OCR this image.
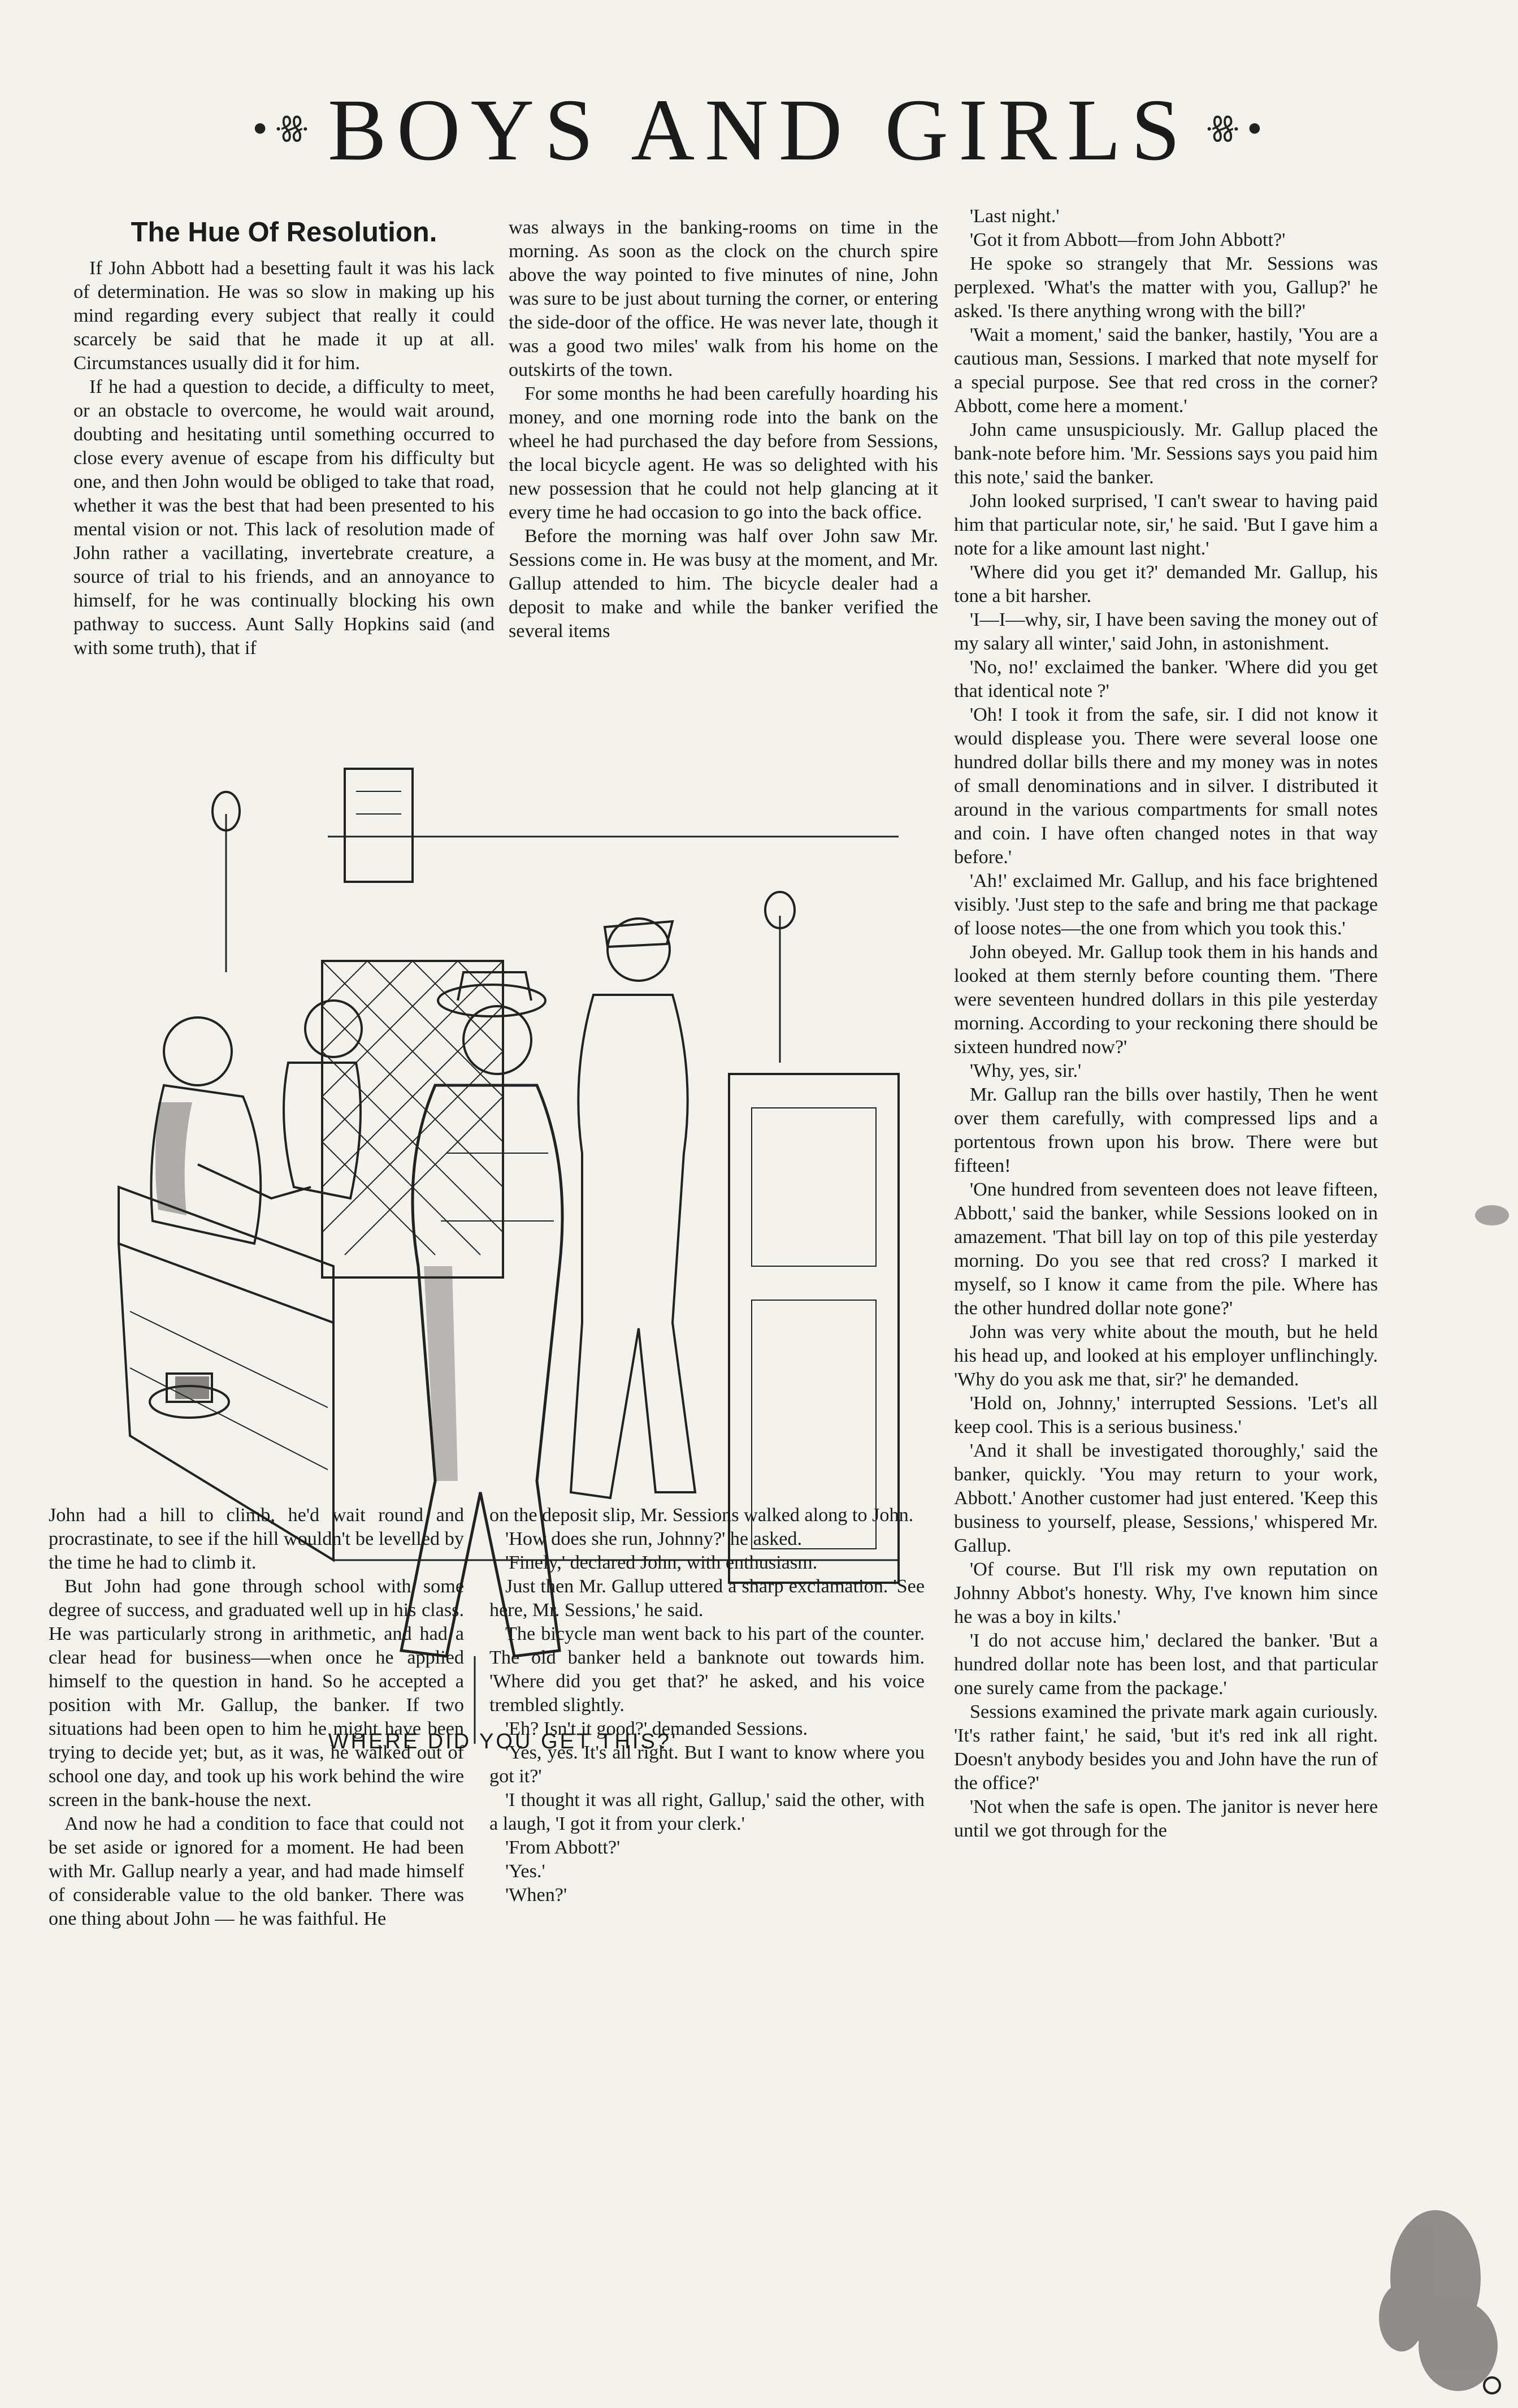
•ꗥ BOYS AND GIRLS ꗥ•

The Hue Of Resolution.

If John Abbott had a besetting fault it was his lack of determination. He was so slow in making up his mind regarding every subject that really it could scarcely be said that he made it up at all. Circumstances usually did it for him.

If he had a question to decide, a difficulty to meet, or an obstacle to overcome, he would wait around, doubting and hesitating until something occurred to close every avenue of escape from his difficulty but one, and then John would be obliged to take that road, whether it was the best that had been presented to his mental vision or not. This lack of resolution made of John rather a vacillating, invertebrate creature, a source of trial to his friends, and an annoyance to himself, for he was continually blocking his own pathway to success. Aunt Sally Hopkins said (and with some truth), that if

was always in the banking-rooms on time in the morning. As soon as the clock on the church spire above the way pointed to five minutes of nine, John was sure to be just about turning the corner, or entering the side-door of the office. He was never late, though it was a good two miles' walk from his home on the outskirts of the town.

For some months he had been carefully hoarding his money, and one morning rode into the bank on the wheel he had purchased the day before from Sessions, the local bicycle agent. He was so delighted with his new possession that he could not help glancing at it every time he had occasion to go into the back office.

Before the morning was half over John saw Mr. Sessions come in. He was busy at the moment, and Mr. Gallup attended to him. The bicycle dealer had a deposit to make and while the banker verified the several items

WHERE DID YOU GET THIS?'

'Last night.'

'Got it from Abbott—from John Abbott?'

He spoke so strangely that Mr. Sessions was perplexed. 'What's the matter with you, Gallup?' he asked. 'Is there anything wrong with the bill?'

'Wait a moment,' said the banker, hastily, 'You are a cautious man, Sessions. I marked that note myself for a special purpose. See that red cross in the corner? Abbott, come here a moment.'

John came unsuspiciously. Mr. Gallup placed the bank-note before him. 'Mr. Sessions says you paid him this note,' said the banker.

John looked surprised, 'I can't swear to having paid him that particular note, sir,' he said. 'But I gave him a note for a like amount last night.'

'Where did you get it?' demanded Mr. Gallup, his tone a bit harsher.

'I—I—why, sir, I have been saving the money out of my salary all winter,' said John, in astonishment.

'No, no!' exclaimed the banker. 'Where did you get that identical note ?'

'Oh! I took it from the safe, sir. I did not know it would displease you. There were several loose one hundred dollar bills there and my money was in notes of small denominations and in silver. I distributed it around in the various compartments for small notes and coin. I have often changed notes in that way before.'

'Ah!' exclaimed Mr. Gallup, and his face brightened visibly. 'Just step to the safe and bring me that package of loose notes—the one from which you took this.'

John obeyed. Mr. Gallup took them in his hands and looked at them sternly before counting them. 'There were seventeen hundred dollars in this pile yesterday morning. According to your reckoning there should be sixteen hundred now?'

'Why, yes, sir.'

Mr. Gallup ran the bills over hastily, Then he went over them carefully, with compressed lips and a portentous frown upon his brow. There were but fifteen!

'One hundred from seventeen does not leave fifteen, Abbott,' said the banker, while Sessions looked on in amazement. 'That bill lay on top of this pile yesterday morning. Do you see that red cross? I marked it myself, so I know it came from the pile. Where has the other hundred dollar note gone?'

John was very white about the mouth, but he held his head up, and looked at his employer unflinchingly. 'Why do you ask me that, sir?' he demanded.

'Hold on, Johnny,' interrupted Sessions. 'Let's all keep cool. This is a serious business.'

'And it shall be investigated thoroughly,' said the banker, quickly. 'You may return to your work, Abbott.' Another customer had just entered. 'Keep this business to yourself, please, Sessions,' whispered Mr. Gallup.

'Of course. But I'll risk my own reputation on Johnny Abbot's honesty. Why, I've known him since he was a boy in kilts.'

'I do not accuse him,' declared the banker. 'But a hundred dollar note has been lost, and that particular one surely came from the package.'

Sessions examined the private mark again curiously. 'It's rather faint,' he said, 'but it's red ink all right. Doesn't anybody besides you and John have the run of the office?'

'Not when the safe is open. The janitor is never here until we got through for the

John had a hill to climb, he'd wait round and procrastinate, to see if the hill wouldn't be levelled by the time he had to climb it.

But John had gone through school with some degree of success, and graduated well up in his class. He was particularly strong in arithmetic, and had a clear head for business—when once he applied himself to the question in hand. So he accepted a position with Mr. Gallup, the banker. If two situations had been open to him he might have been trying to decide yet; but, as it was, he walked out of school one day, and took up his work behind the wire screen in the bank-house the next.

And now he had a condition to face that could not be set aside or ignored for a moment. He had been with Mr. Gallup nearly a year, and had made himself of considerable value to the old banker. There was one thing about John — he was faithful. He

on the deposit slip, Mr. Sessions walked along to John.

'How does she run, Johnny?' he asked.

'Finely,' declared John, with enthusiasm.

Just then Mr. Gallup uttered a sharp exclamation. 'See here, Mr. Sessions,' he said.

The bicycle man went back to his part of the counter. The old banker held a banknote out towards him. 'Where did you get that?' he asked, and his voice trembled slightly.

'Eh? Isn't it good?' demanded Sessions.

'Yes, yes. It's all right. But I want to know where you got it?'

'I thought it was all right, Gallup,' said the other, with a laugh, 'I got it from your clerk.'

'From Abbott?'

'Yes.'

'When?'
